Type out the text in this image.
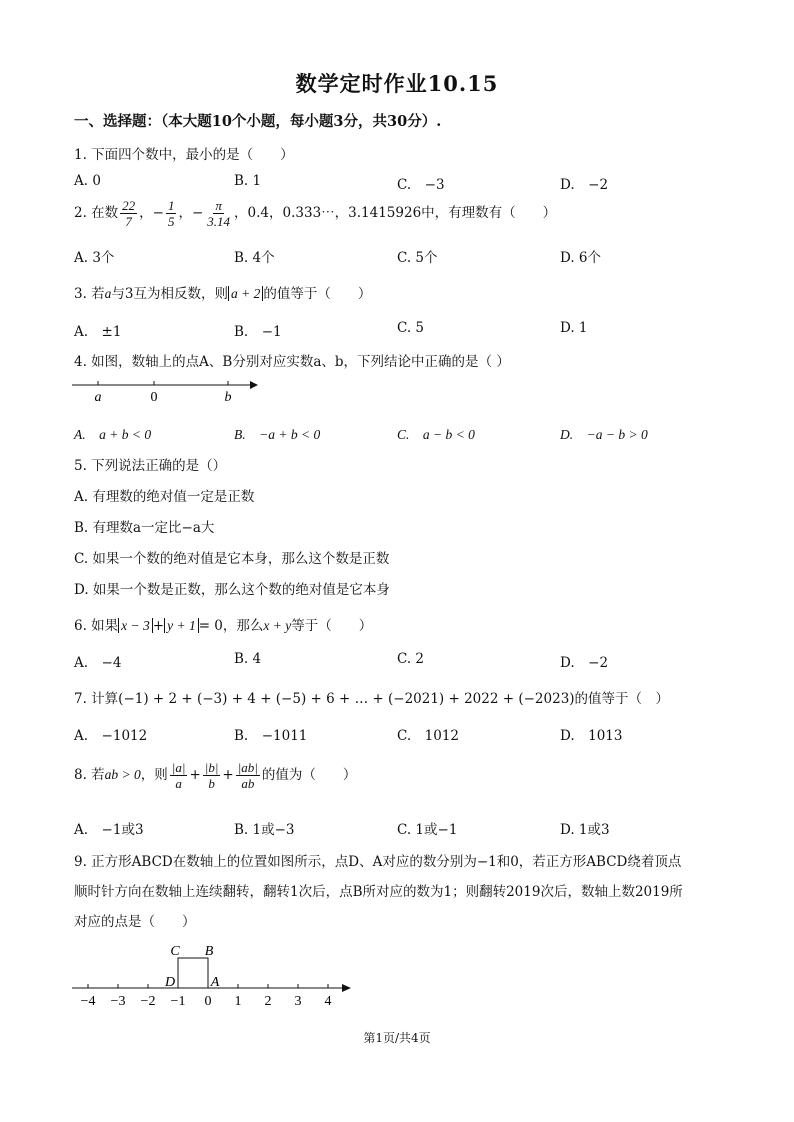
数学定时作业10.15
一、选择题：（本大题10个小题，每小题3分，共30分）.
1. 下面四个数中，最小的是（　　）
A. 0	B. 1	C.　−3	D.　−2
2. 在数 $\frac{22}{7}$ ，− $\frac{1}{5}$ ，− $\frac{\pi}{3.14}$ ，0.4，0.333⋯，3.1415926中，有理数有（　　）
A. 3个	B. 4个	C. 5个	D. 6个
3. 若a与3互为相反数，则 a + 2 的值等于（　　）
A.　±1	B.　−1	C. 5	D. 1
4. 如图，数轴上的点A、B分别对应实数a、b，下列结论中正确的是（ ）
a	0	b
A.　a + b < 0	B.　−a + b < 0	C.　a − b < 0	D.　−a − b > 0
5. 下列说法正确的是（）
A. 有理数的绝对值一定是正数
B. 有理数a一定比−a大
C. 如果一个数的绝对值是它本身，那么这个数是正数
D. 如果一个数是正数，那么这个数的绝对值是它本身
6. 如果 x − 3 + y + 1 = 0，那么x + y等于（　　）
A.　−4	B. 4	C. 2	D.　−2
7. 计算(−1) + 2 + (−3) + 4 + (−5) + 6 + … + (−2021) + 2022 + (−2023)的值等于（　）
A.　−1012	B.　−1011	C.　1012	D.　1013
8. 若ab > 0，则 $\frac{|a|}{a} + \frac{|b|}{b} + \frac{|ab|}{ab}$ 的值为（　　）
A.　−1或3	B. 1或−3	C. 1或−1	D. 1或3
9. 正方形ABCD在数轴上的位置如图所示，点D、A对应的数分别为−1和0，若正方形ABCD绕着顶点
顺时针方向在数轴上连续翻转，翻转1次后，点B所对应的数为1；则翻转2019次后，数轴上数2019所
对应的点是（　　）
C B
D	A
−4 −3 −2 −1 0 1 2 3 4
第1页/共4页
